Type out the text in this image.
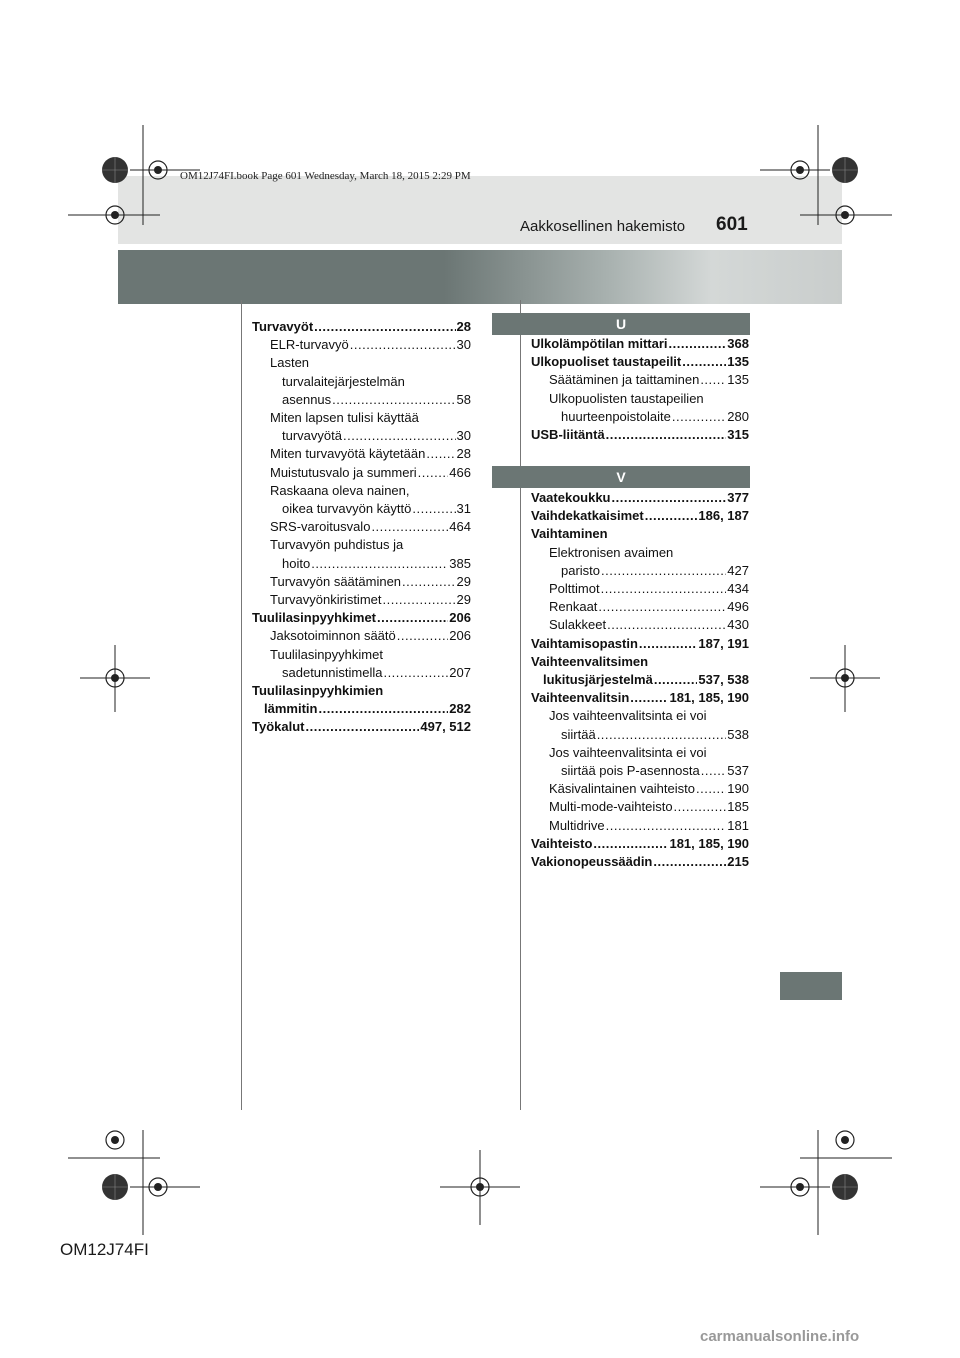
OM12J74FI.book Page 601 Wednesday, March 18, 2015 2:29 PM
Aakkosellinen hakemisto 601
Turvavyöt .....	28
ELR-turvavyö .....	30
Lasten
turvalaitejärjestelmän
asennus .....	58
Miten lapsen tulisi käyttää
turvavyötä .....	30
Miten turvavyötä käytetään ..... 28
Muistutusvalo ja summeri .....	466
Raskaana oleva nainen,
oikea turvavyön käyttö .....	31
SRS-varoitusvalo .....	464
Turvavyön puhdistus ja
hoito .....	385
Turvavyön säätäminen .....	29
Turvavyönkiristimet .....	29
Tuulilasinpyyhkimet .....	206
Jaksotoiminnon säätö .....	206
Tuulilasinpyyhkimet
sadetunnistimella .....	207
Tuulilasinpyyhkimien
lämmitin .....	282
Työkalut .....	497, 512
U
Ulkolämpötilan mittari .....	368
Ulkopuoliset taustapeilit .....	135
Säätäminen ja taittaminen ..... 135
Ulkopuolisten taustapeilien
huurteenpoistolaite .....	280
USB-liitäntä .....	315
V
Vaatekoukku .....	377
Vaihdekatkaisimet .....	186, 187
Vaihtaminen
Elektronisen avaimen
paristo .....	427
Polttimot .....	434
Renkaat .....	496
Sulakkeet .....	430
Vaihtamisopastin .....	187, 191
Vaihteenvalitsimen
lukitusjärjestelmä .....	537, 538
Vaihteenvalitsin .....	181, 185, 190
Jos vaihteenvalitsinta ei voi
siirtää .....	538
Jos vaihteenvalitsinta ei voi
siirtää pois P-asennosta ..... 537
Käsivalintainen vaihteisto ..... 190
Multi-mode-vaihteisto .....	185
Multidrive .....	181
Vaihteisto .....	181, 185, 190
Vakionopeussäädin .....	215
OM12J74FI
carmanualsonline.info
